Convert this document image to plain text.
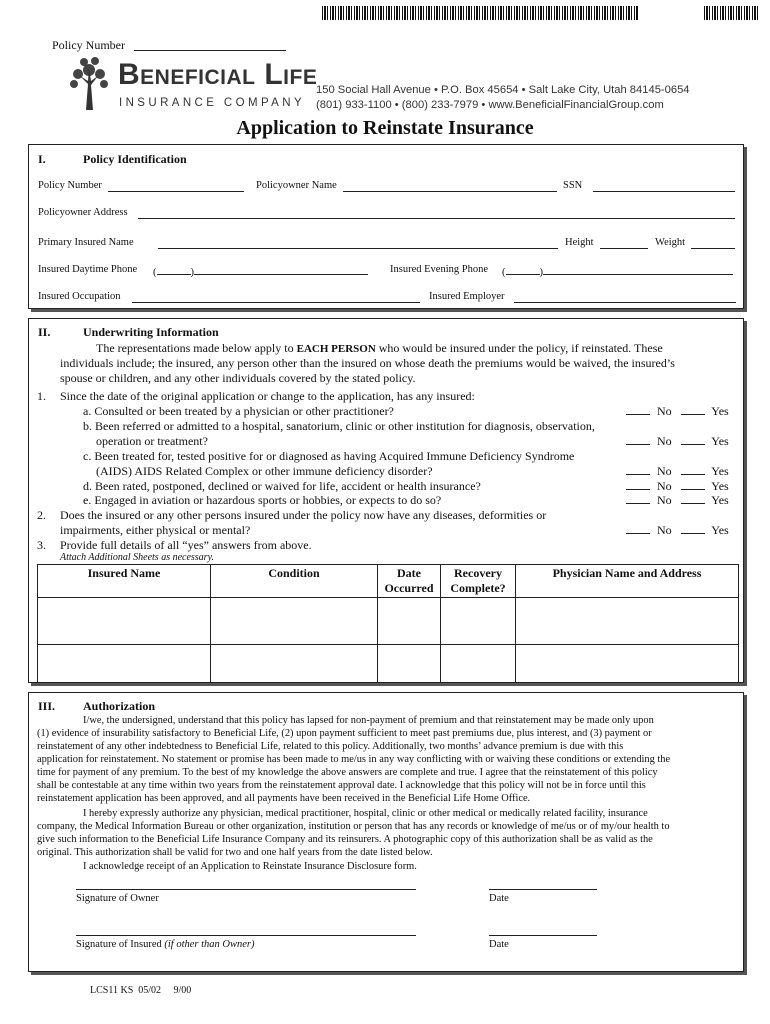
Policy Number
Beneficial Life
INSURANCE COMPANY
150 Social Hall Avenue • P.O. Box 45654 • Salt Lake City, Utah 84145-0654
(801) 933-1100 • (800) 233-7979 • www.BeneficialFinancialGroup.com
Application to Reinstate Insurance
I.	Policy Identification
Policy Number	Policyowner Name	SSN
Policyowner Address
Primary Insured Name	Height	Weight
Insured Daytime Phone (	)	Insured Evening Phone (	)
Insured Occupation	Insured Employer
II.	Underwriting Information
The representations made below apply to EACH PERSON who would be insured under the policy, if reinstated. These
individuals include; the insured, any person other than the insured on whose death the premiums would be waived, the insured’s
spouse or children, and any other individuals covered by the stated policy.
1. Since the date of the original application or change to the application, has any insured:
a. Consulted or been treated by a physician or other practitioner?
b. Been referred or admitted to a hospital, sanatorium, clinic or other institution for diagnosis, observation,
operation or treatment?
c. Been treated for, tested positive for or diagnosed as having Acquired Immune Deficiency Syndrome
(AIDS) AIDS Related Complex or other immune deficiency disorder?
d. Been rated, postponed, declined or waived for life, accident or health insurance?
e. Engaged in aviation or hazardous sports or hobbies, or expects to do so?
2. Does the insured or any other persons insured under the policy now have any diseases, deformities or
impairments, either physical or mental?
3. Provide full details of all “yes” answers from above.
Attach Additional Sheets as necessary.
No	Yes
No	Yes
No	Yes
No	Yes
No	Yes
No	Yes
Insured Name	Condition	Date Occurred	Recovery Complete?	Physician Name and Address

III. Authorization
I/we, the undersigned, understand that this policy has lapsed for non-payment of premium and that reinstatement may be made only upon
(1) evidence of insurability satisfactory to Beneficial Life, (2) upon payment sufficient to meet past premiums due, plus interest, and (3) payment or
reinstatement of any other indebtedness to Beneficial Life, related to this policy. Additionally, two months’ advance premium is due with this
application for reinstatement. No statement or promise has been made to me/us in any way conflicting with or waiving these conditions or extending the
time for payment of any premium. To the best of my knowledge the above answers are complete and true. I agree that the reinstatement of this policy
shall be contestable at any time within two years from the reinstatement approval date. I acknowledge that this policy will not be in force until this
reinstatement application has been approved, and all payments have been received in the Beneficial Life Home Office.
I hereby expressly authorize any physician, medical practitioner, hospital, clinic or other medical or medically related facility, insurance
company, the Medical Information Bureau or other organization, institution or person that has any records or knowledge of me/us or of my/our health to
give such information to the Beneficial Life Insurance Company and its reinsurers. A photographic copy of this authorization shall be as valid as the
original. This authorization shall be valid for two and one half years from the date listed below.
I acknowledge receipt of an Application to Reinstate Insurance Disclosure form.
Signature of Owner	Date
Signature of Insured (if other than Owner)	Date
LCS11 KS  05/02     9/00
